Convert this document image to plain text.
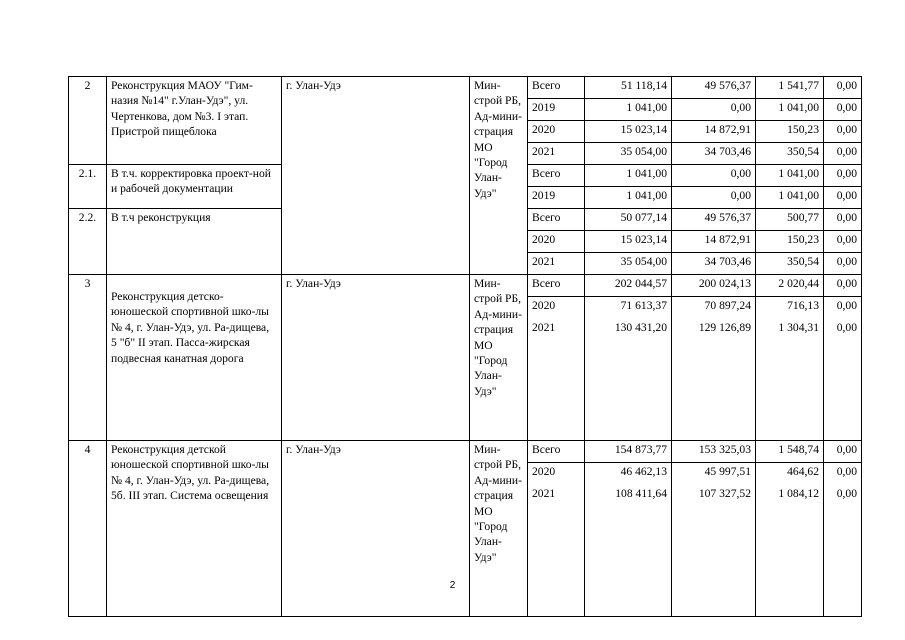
2	Реконструкция МАОУ "Гим-назия №14" г.Улан-Удэ", ул. Чертенкова, дом №3. I этап. Пристрой пищеблока	г. Улан-Удэ	Мин-строй РБ, Ад-мини-страция МО "Город Улан-Удэ"	Всего	51 118,14	49 576,37	1 541,77	0,00
				2019	1 041,00	0,00	1 041,00	0,00
				2020	15 023,14	14 872,91	150,23	0,00
				2021	35 054,00	34 703,46	350,54	0,00
2.1.	В т.ч. корректировка проект-ной и рабочей документации			Всего	1 041,00	0,00	1 041,00	0,00
				2019	1 041,00	0,00	1 041,00	0,00
2.2.	В т.ч реконструкция			Всего	50 077,14	49 576,37	500,77	0,00
				2020	15 023,14	14 872,91	150,23	0,00
				2021	35 054,00	34 703,46	350,54	0,00
3	Реконструкция детско-юношеской спортивной шко-лы № 4, г. Улан-Удэ, ул. Ра-дищева, 5 "б" II этап. Пасса-жирская подвесная канатная дорога	г. Улан-Удэ	Мин-строй РБ, Ад-мини-страция МО "Город Улан-Удэ"	Всего	202 044,57	200 024,13	2 020,44	0,00
				2020	71 613,37	70 897,24	716,13	0,00
				2021	130 431,20	129 126,89	1 304,31	0,00

4	Реконструкция детской юношеской спортивной шко-лы № 4, г. Улан-Удэ, ул. Ра-дищева, 5б. III этап. Система освещения	г. Улан-Удэ	Мин-строй РБ, Ад-мини-страция МО "Город Улан-Удэ"	Всего	154 873,77	153 325,03	1 548,74	0,00
				2020	46 462,13	45 997,51	464,62	0,00
				2021	108 411,64	107 327,52	1 084,12	0,00

2
